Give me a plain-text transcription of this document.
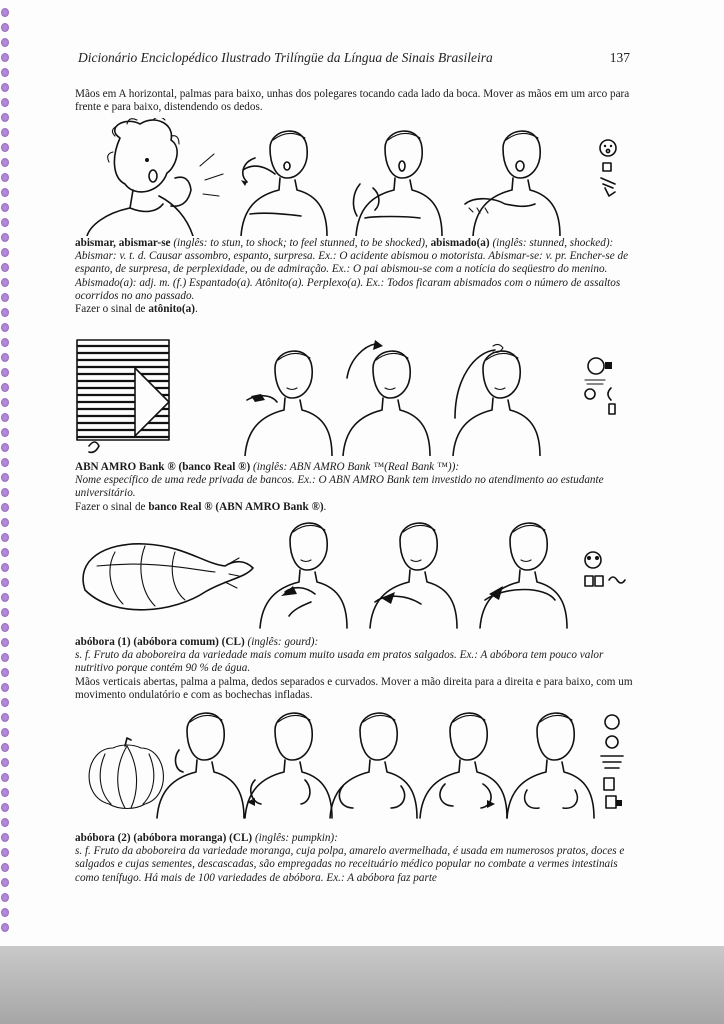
Dicionário Enciclopédico Ilustrado Trilíngüe da Língua de Sinais Brasileira	137
Mãos em A horizontal, palmas para baixo, unhas dos polegares tocando cada lado da boca. Mover as mãos em um arco para frente e para baixo, distendendo os dedos.
abismar, abismar-se (inglês: to stun, to shock; to feel stunned, to be shocked), abismado(a) (inglês: stunned, shocked):
Abismar: v. t. d. Causar assombro, espanto, surpresa. Ex.: O acidente abismou o motorista. Abismar-se: v. pr. Encher-se de espanto, de surpresa, de perplexidade, ou de admiração. Ex.: O pai abismou-se com a notícia do seqüestro do menino. Abismado(a): adj. m. (f.) Espantado(a). Atônito(a). Perplexo(a). Ex.: Todos ficaram abismados com o número de assaltos ocorridos no ano passado.
Fazer o sinal de atônito(a).
ABN AMRO Bank ® (banco Real ®) (inglês: ABN AMRO Bank ™(Real Bank ™)):
Nome específico de uma rede privada de bancos. Ex.: O ABN AMRO Bank tem investido no atendimento ao estudante universitário.
Fazer o sinal de banco Real ® (ABN AMRO Bank ®).
abóbora (1) (abóbora comum) (CL) (inglês: gourd):
s. f. Fruto da aboboreira da variedade mais comum muito usada em pratos salgados. Ex.: A abóbora tem pouco valor nutritivo porque contém 90 % de água.
Mãos verticais abertas, palma a palma, dedos separados e curvados. Mover a mão direita para a direita e para baixo, com um movimento ondulatório e com as bochechas infladas.
abóbora (2) (abóbora moranga) (CL) (inglês: pumpkin):
s. f. Fruto da aboboreira da variedade moranga, cuja polpa, amarelo avermelhada, é usada em numerosos pratos, doces e salgados e cujas sementes, descascadas, são empregadas no receituário médico popular no combate a vermes intestinais como tenífugo. Há mais de 100 variedades de abóbora. Ex.: A abóbora faz parte
